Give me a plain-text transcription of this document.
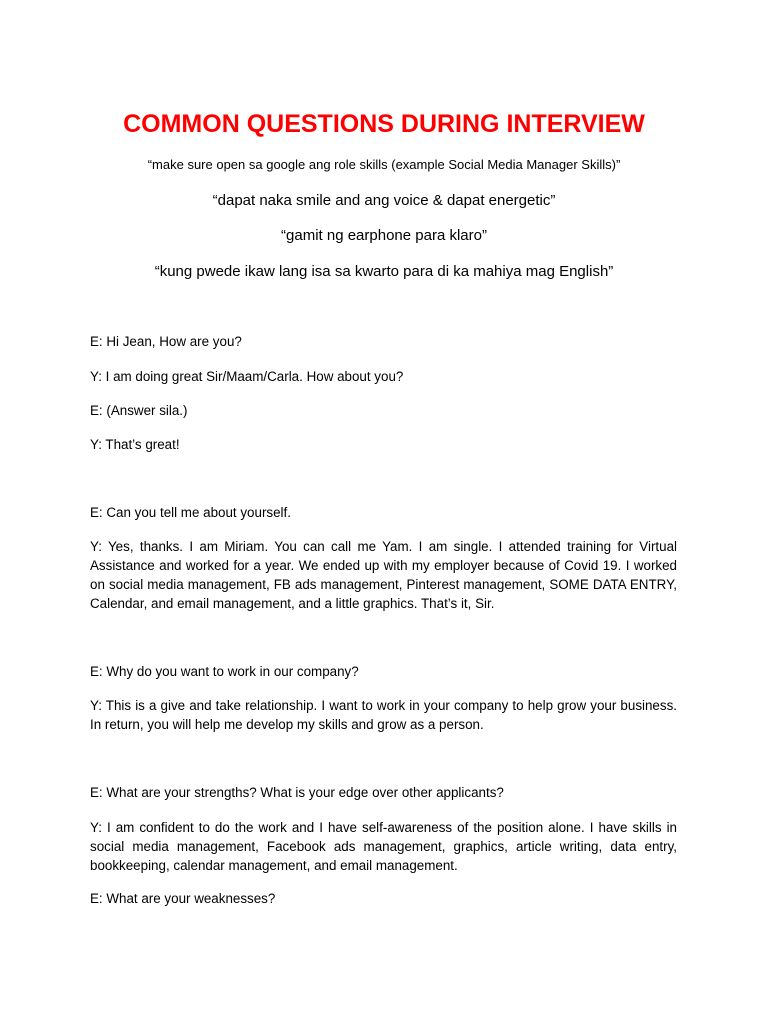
COMMON QUESTIONS DURING INTERVIEW

“make sure open sa google ang role skills (example Social Media Manager Skills)”

“dapat naka smile and ang voice & dapat energetic”

“gamit ng earphone para klaro”

“kung pwede ikaw lang isa sa kwarto para di ka mahiya mag English”

E: Hi Jean, How are you?

Y: I am doing great Sir/Maam/Carla. How about you?

E: (Answer sila.)

Y: That’s great!

E: Can you tell me about yourself.

Y: Yes, thanks. I am Miriam. You can call me Yam. I am single. I attended training for Virtual Assistance and worked for a year. We ended up with my employer because of Covid 19. I worked on social media management, FB ads management, Pinterest management, SOME DATA ENTRY, Calendar, and email management, and a little graphics. That’s it, Sir.

E: Why do you want to work in our company?

Y: This is a give and take relationship. I want to work in your company to help grow your business. In return, you will help me develop my skills and grow as a person.

E: What are your strengths? What is your edge over other applicants?

Y: I am confident to do the work and I have self-awareness of the position alone. I have skills in social media management, Facebook ads management, graphics, article writing, data entry, bookkeeping, calendar management, and email management.

E: What are your weaknesses?
